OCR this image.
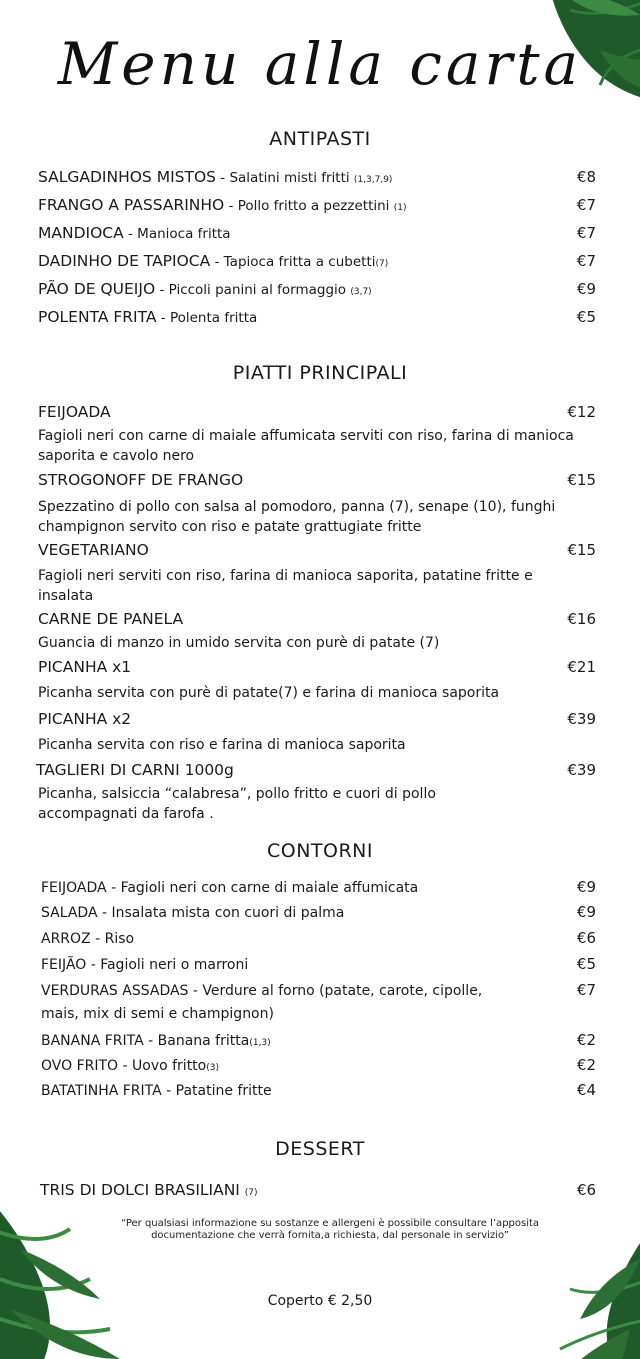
Menu alla carta
ANTIPASTI
SALGADINHOS MISTOS - Salatini misti fritti (1,3,7,9)	€8
FRANGO A PASSARINHO - Pollo fritto a pezzettini (1)	€7
MANDIOCA - Manioca fritta	€7
DADINHO DE TAPIOCA - Tapioca fritta a cubetti(7)	€7
PÃO DE QUEIJO - Piccoli panini al formaggio (3,7)	€9
POLENTA FRITA - Polenta fritta	€5
PIATTI PRINCIPALI
FEIJOADA	€12
Fagioli neri con carne di maiale affumicata serviti con riso, farina di manioca saporita e cavolo nero
STROGONOFF DE FRANGO	€15
Spezzatino di pollo con salsa al pomodoro, panna (7), senape (10), funghi champignon servito con riso e patate grattugiate fritte
VEGETARIANO	€15
Fagioli neri serviti con riso, farina di manioca saporita, patatine fritte e insalata
CARNE DE PANELA	€16
Guancia di manzo in umido servita con purè di patate (7)
PICANHA x1	€21
Picanha servita con purè di patate(7) e farina di manioca saporita
PICANHA x2	€39
Picanha servita con riso e farina di manioca saporita
TAGLIERI DI CARNI 1000g	€39
Picanha, salsiccia “calabresa”, pollo fritto e cuori di pollo accompagnati da farofa .
CONTORNI
FEIJOADA - Fagioli neri con carne di maiale affumicata	€9
SALADA - Insalata mista con cuori di palma	€9
ARROZ - Riso	€6
FEIJÃO - Fagioli neri o marroni	€5
VERDURAS ASSADAS - Verdure al forno (patate, carote, cipolle,	€7
mais, mix di semi e champignon)
BANANA FRITA - Banana fritta(1,3)	€2
OVO FRITO - Uovo fritto(3)	€2
BATATINHA FRITA - Patatine fritte	€4
DESSERT
TRIS DI DOLCI BRASILIANI (7)	€6
“Per qualsiasi informazione su sostanze e allergeni è possibile consultare l’apposita documentazione che verrà fornita,a richiesta, dal personale in servizio”
Coperto € 2,50
